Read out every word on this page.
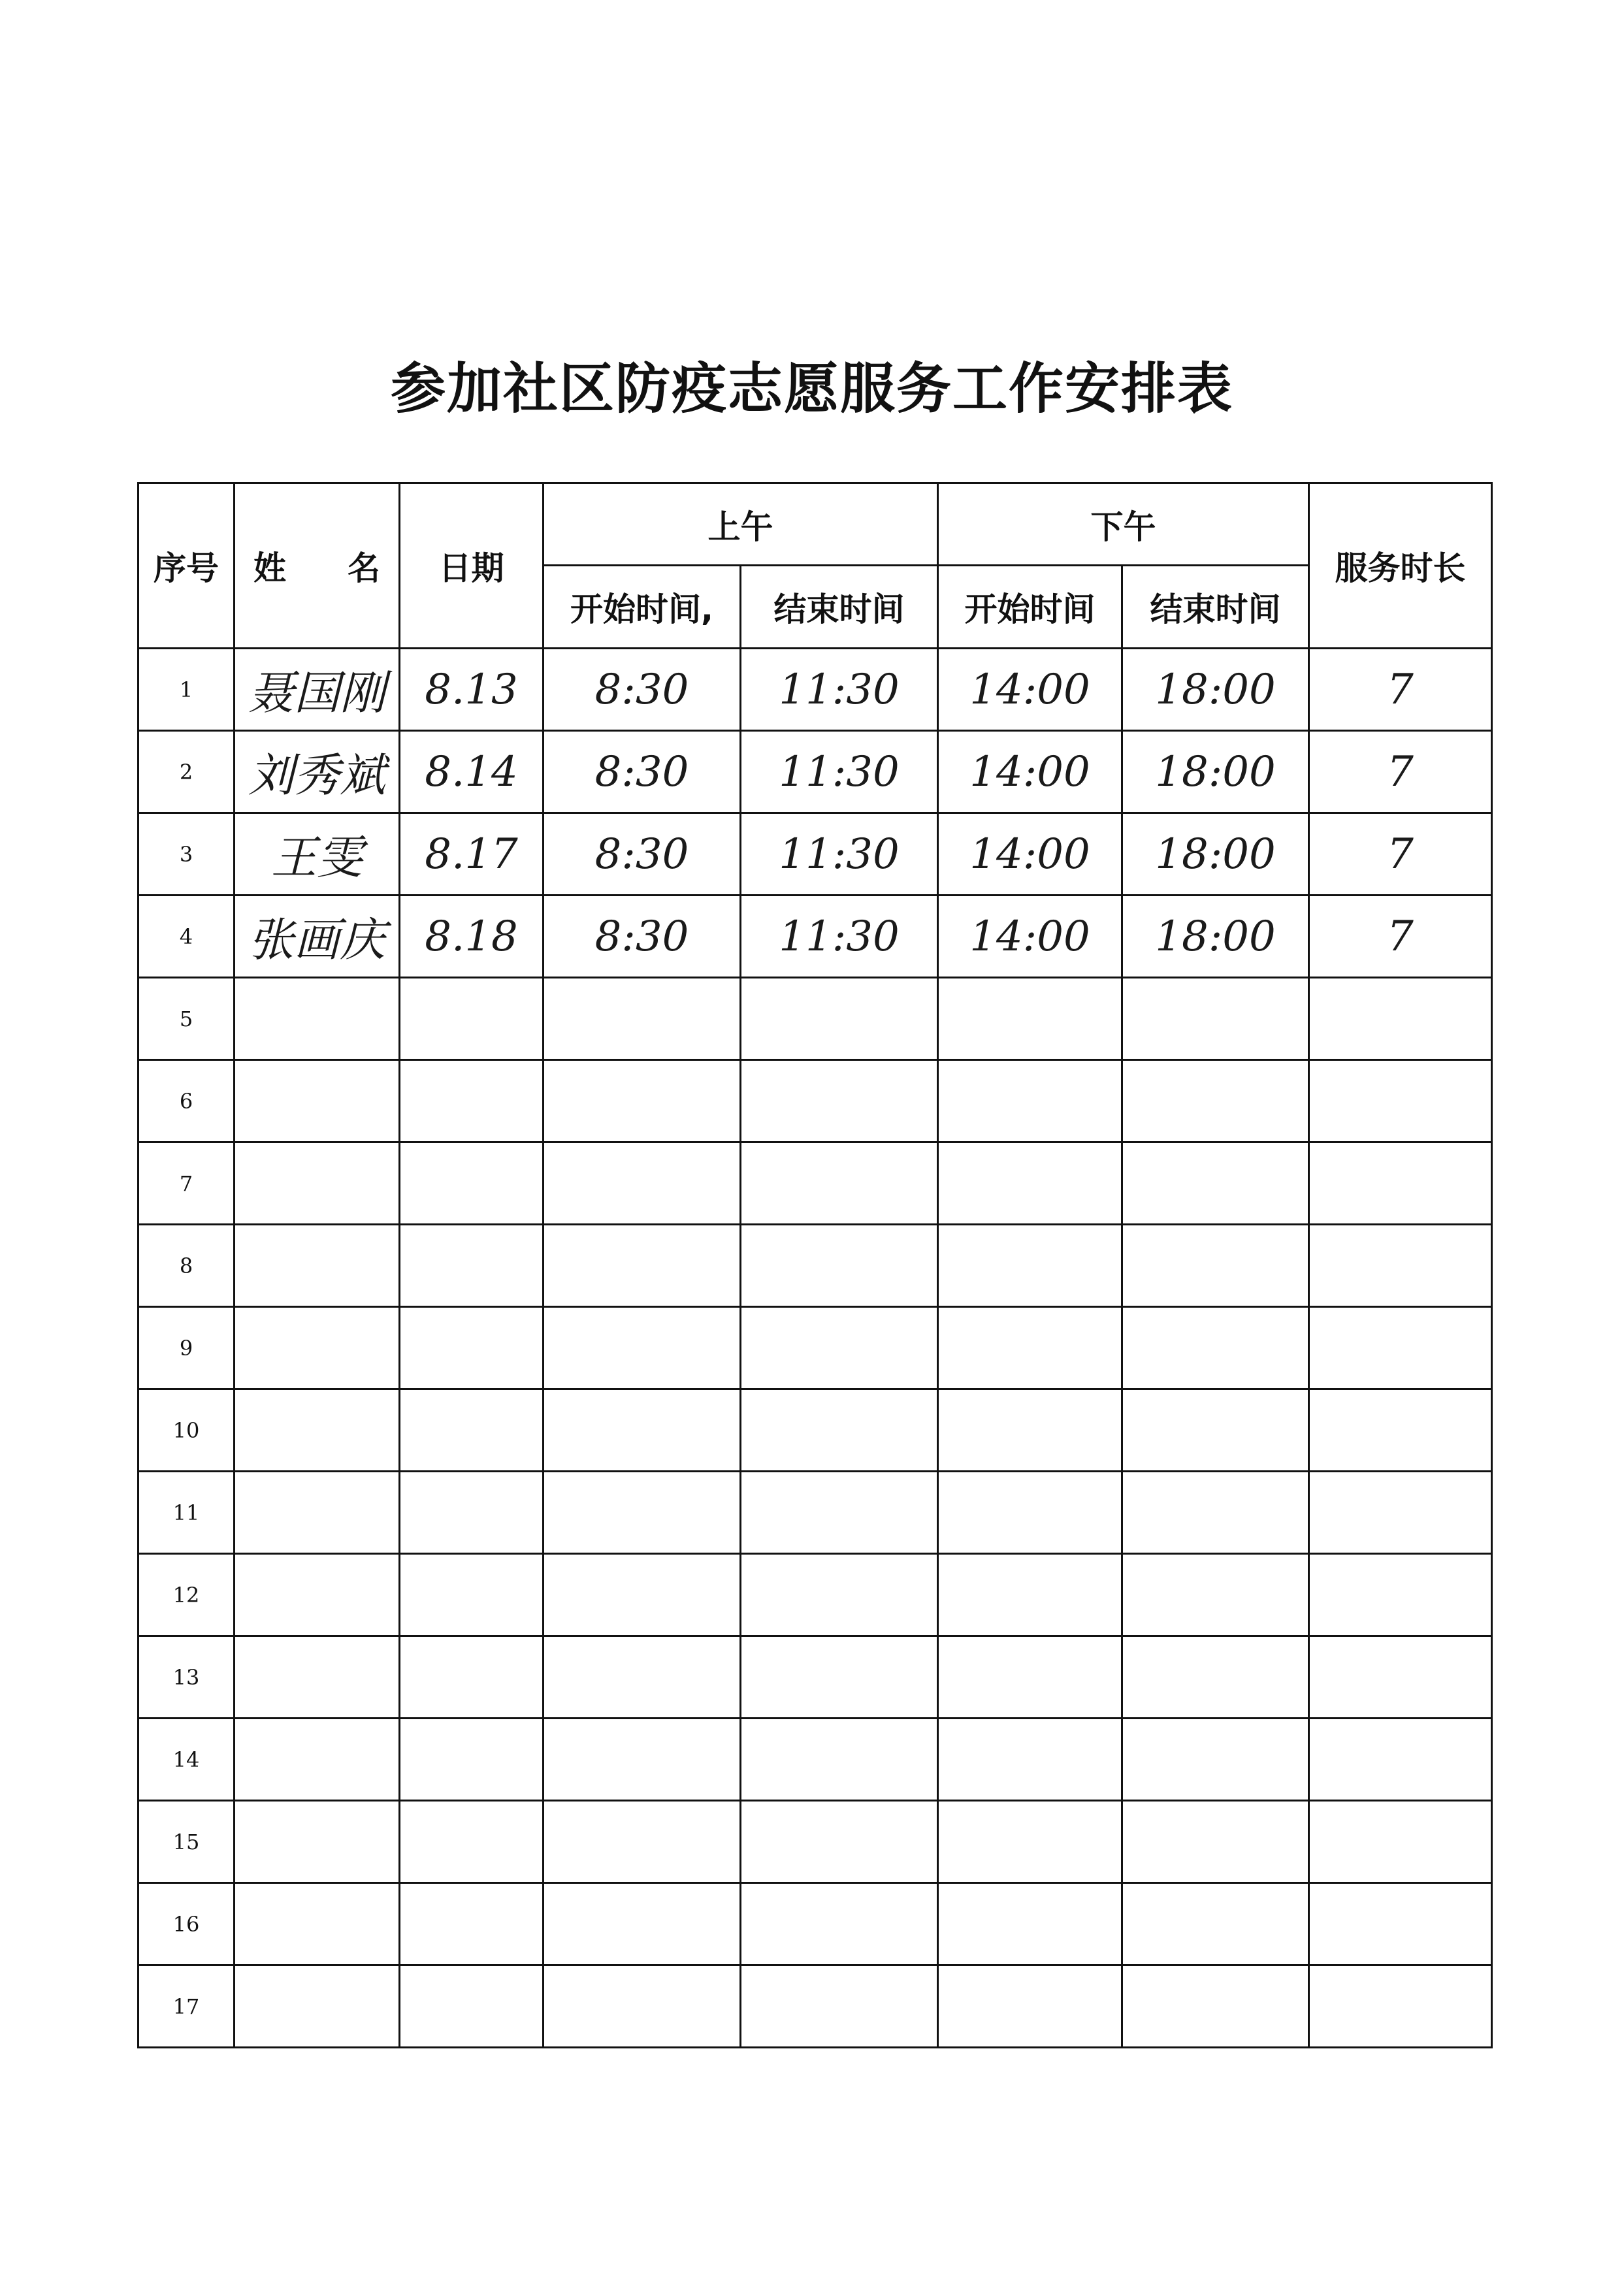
参加社区防疫志愿服务工作安排表
序号	姓 名	日期	上午		下午		服务时长
			开始时间,	结束时间	开始时间	结束时间	
1	聂国刚	8.13	8:30	11:30	14:00	18:00	7
2	刘秀斌	8.14	8:30	11:30	14:00	18:00	7
3	王雯	8.17	8:30	11:30	14:00	18:00	7
4	张画庆	8.18	8:30	11:30	14:00	18:00	7
5							
6							
7							
8							
9							
10							
11							
12							
13							
14							
15							
16							
17							
